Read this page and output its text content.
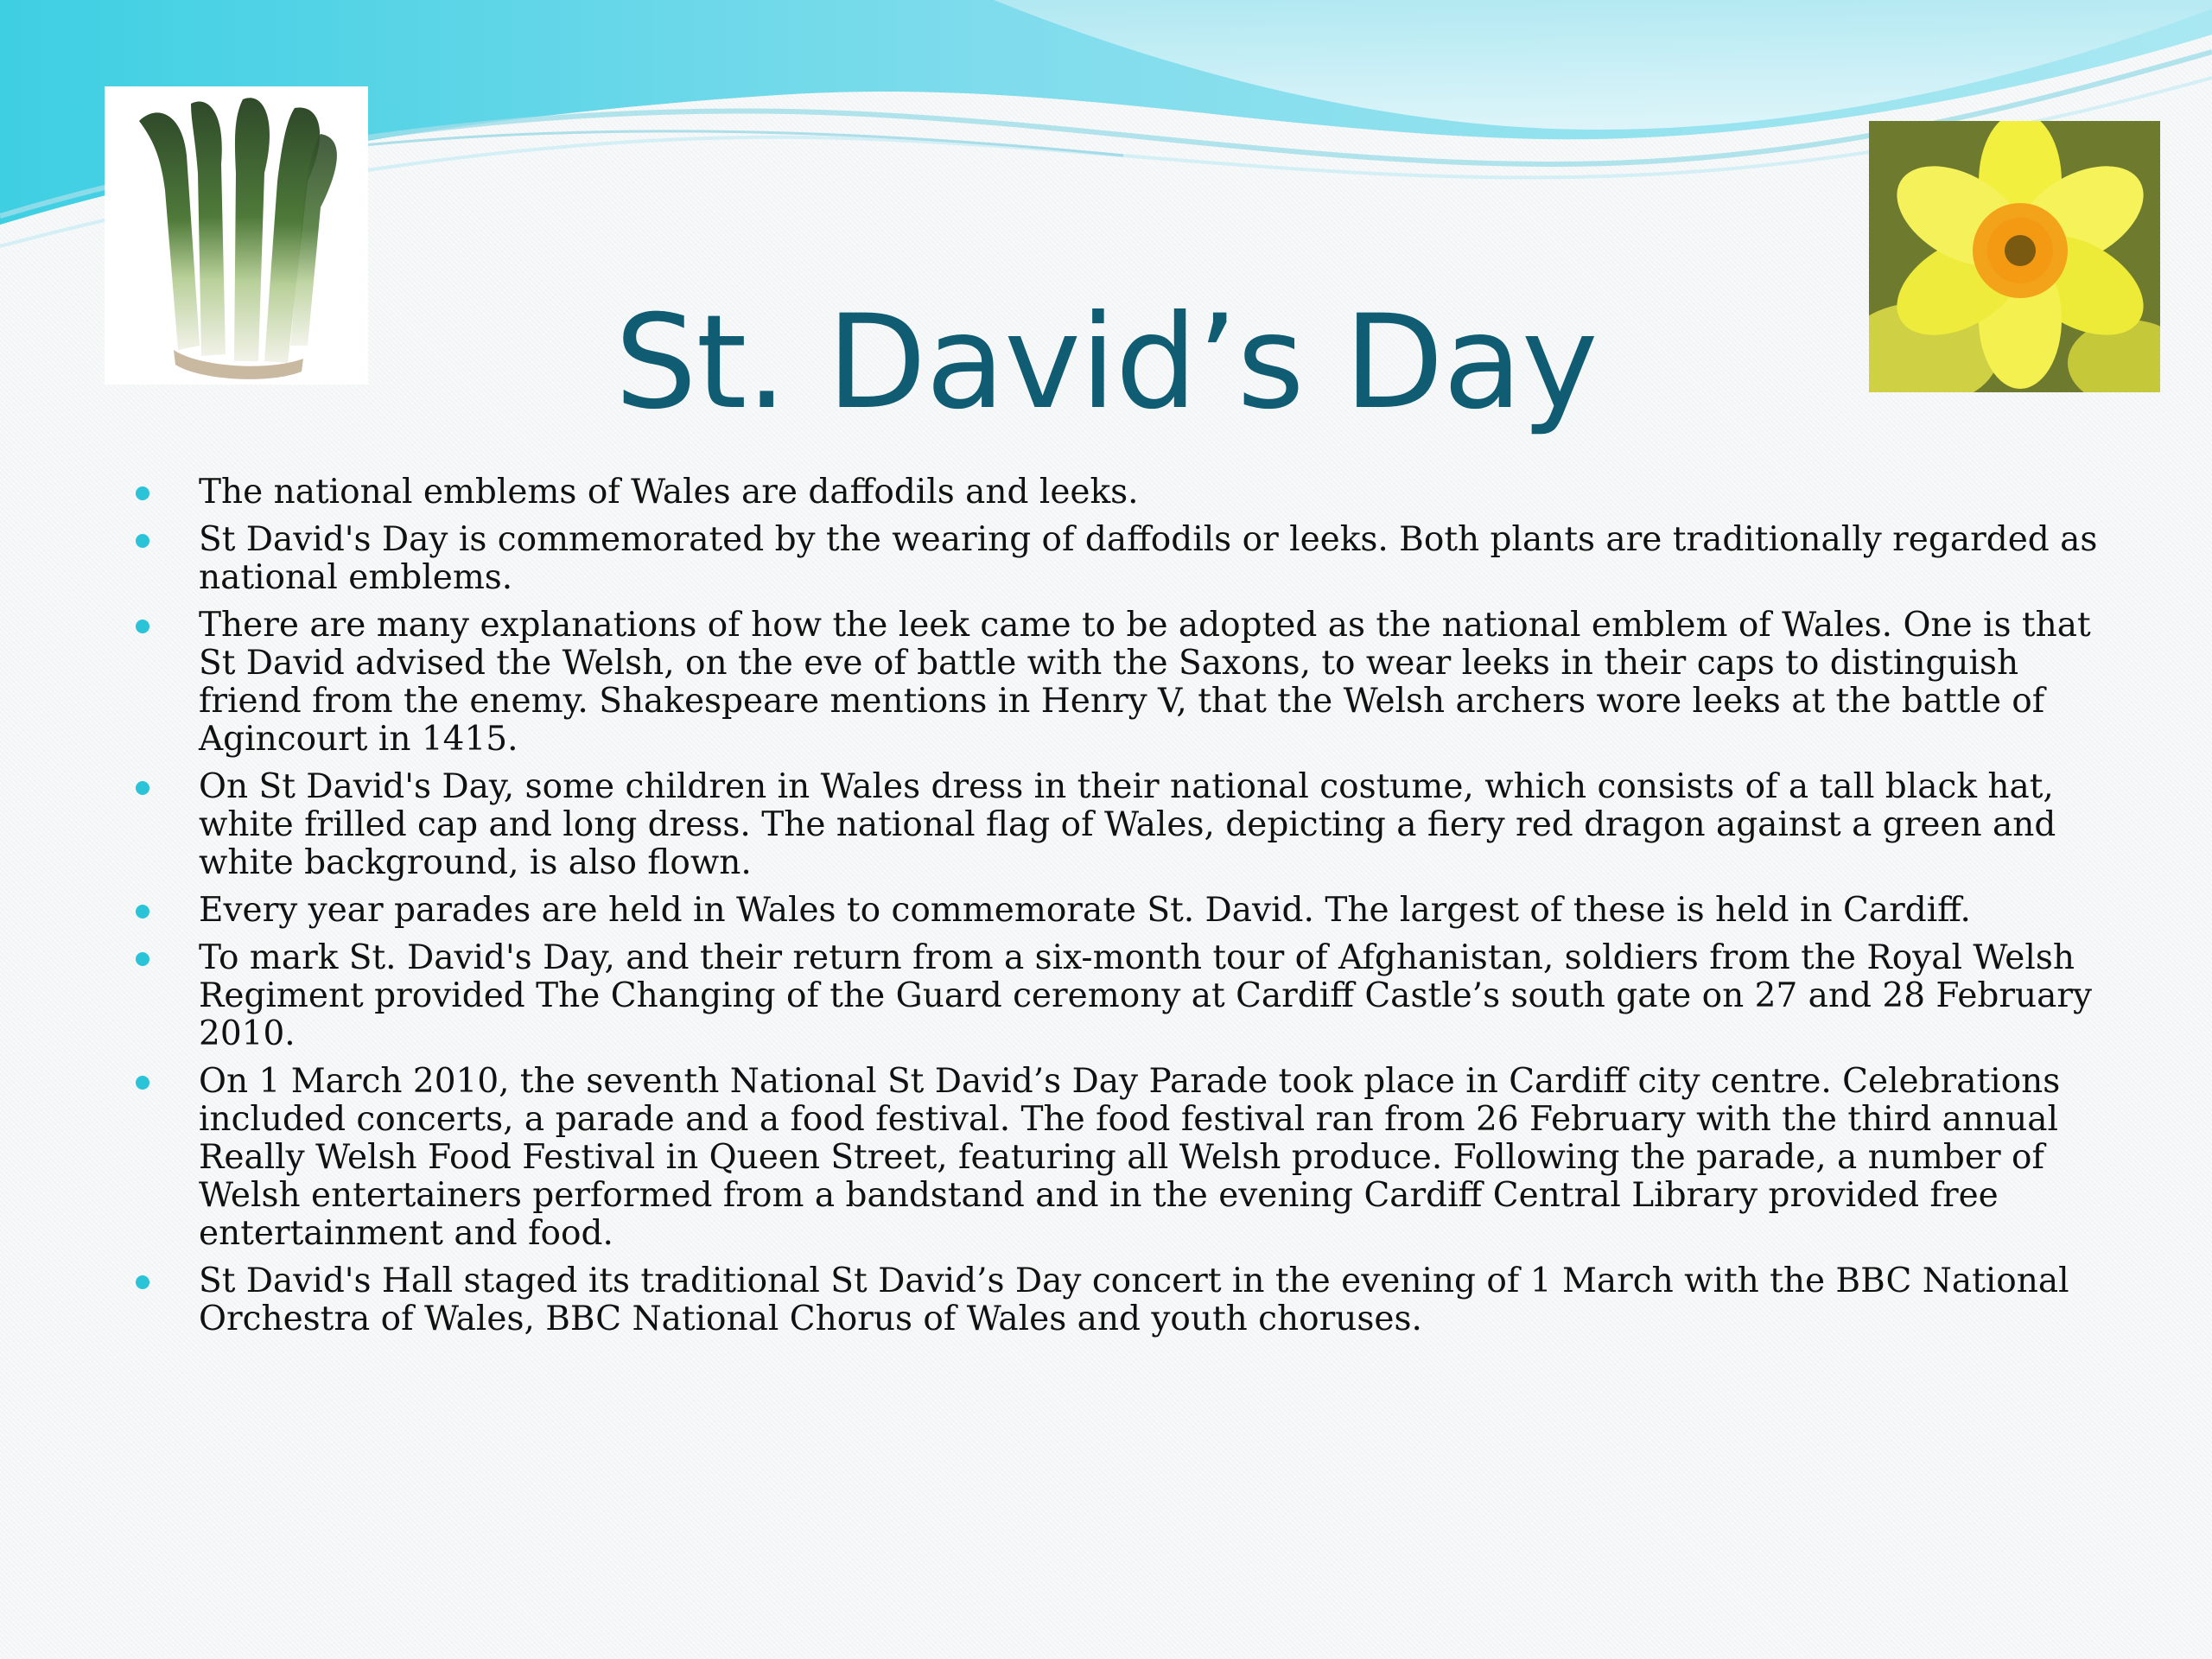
St. David’s Day
The national emblems of Wales are daffodils and leeks.
St David's Day is commemorated by the wearing of daffodils or leeks. Both plants are traditionally regarded as national emblems.
There are many explanations of how the leek came to be adopted as the national emblem of Wales. One is that St David advised the Welsh, on the eve of battle with the Saxons, to wear leeks in their caps to distinguish friend from the enemy. Shakespeare mentions in Henry V, that the Welsh archers wore leeks at the battle of Agincourt in 1415.
On St David's Day, some children in Wales dress in their national costume, which consists of a tall black hat, white frilled cap and long dress. The national flag of Wales, depicting a fiery red dragon against a green and white background, is also flown.
Every year parades are held in Wales to commemorate St. David. The largest of these is held in Cardiff.
To mark St. David's Day, and their return from a six-month tour of Afghanistan, soldiers from the Royal Welsh Regiment provided The Changing of the Guard ceremony at Cardiff Castle’s south gate on 27 and 28 February 2010.
On 1 March 2010, the seventh National St David’s Day Parade took place in Cardiff city centre. Celebrations included concerts, a parade and a food festival. The food festival ran from 26 February with the third annual Really Welsh Food Festival in Queen Street, featuring all Welsh produce. Following the parade, a number of Welsh entertainers performed from a bandstand and in the evening Cardiff Central Library provided free entertainment and food.
St David's Hall staged its traditional St David’s Day concert in the evening of 1 March with the BBC National Orchestra of Wales, BBC National Chorus of Wales and youth choruses.
